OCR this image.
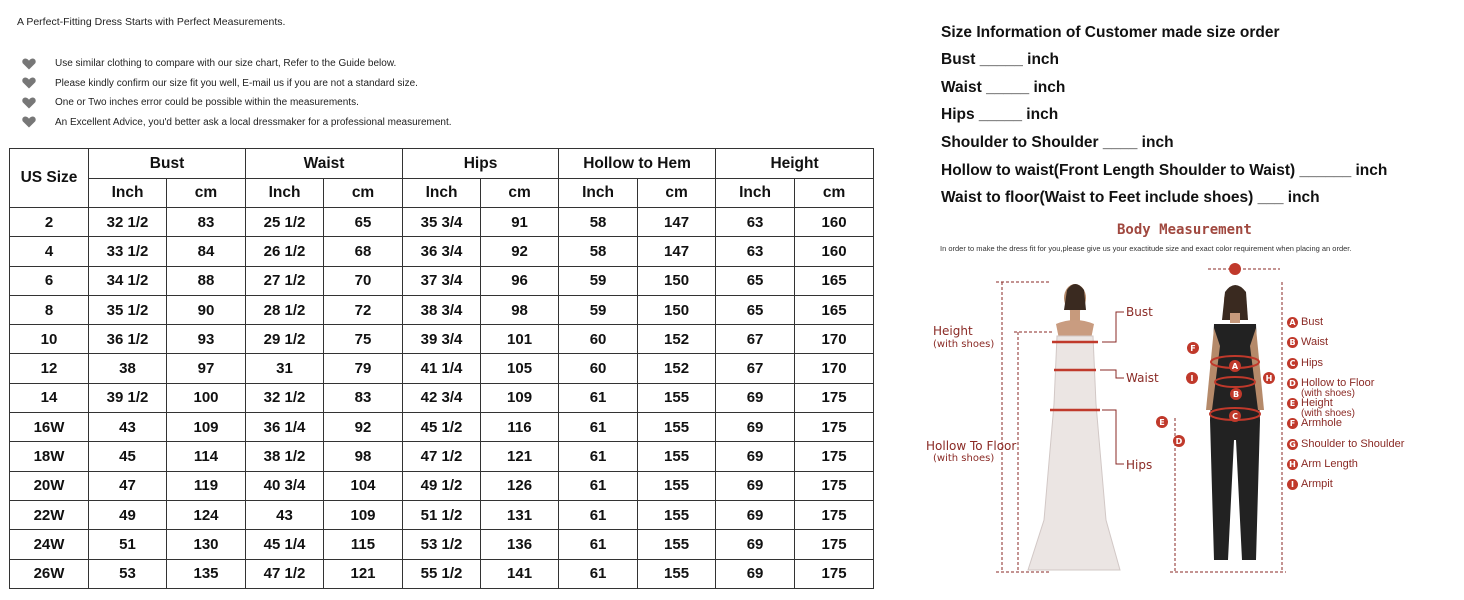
A Perfect-Fitting Dress Starts with Perfect Measurements.
Use similar clothing to compare with our size chart, Refer to the Guide below.
Please kindly confirm our size fit you well, E-mail us if you are not a standard size.
One or Two inches error could be possible within the measurements.
An Excellent Advice, you'd better ask a local dressmaker for a professional measurement.
US Size	Bust		Waist		Hips		Hollow to Hem		Height	
	Inch	cm	Inch	cm	Inch	cm	Inch	cm	Inch	cm
2	32 1/2	83	25 1/2	65	35 3/4	91	58	147	63	160
4	33 1/2	84	26 1/2	68	36 3/4	92	58	147	63	160
6	34 1/2	88	27 1/2	70	37 3/4	96	59	150	65	165
8	35 1/2	90	28 1/2	72	38 3/4	98	59	150	65	165
10	36 1/2	93	29 1/2	75	39 3/4	101	60	152	67	170
12	38	97	31	79	41 1/4	105	60	152	67	170
14	39 1/2	100	32 1/2	83	42 3/4	109	61	155	69	175
16W	43	109	36 1/4	92	45 1/2	116	61	155	69	175
18W	45	114	38 1/2	98	47 1/2	121	61	155	69	175
20W	47	119	40 3/4	104	49 1/2	126	61	155	69	175
22W	49	124	43	109	51 1/2	131	61	155	69	175
24W	51	130	45 1/4	115	53 1/2	136	61	155	69	175
26W	53	135	47 1/2	121	55 1/2	141	61	155	69	175
Size Information of Customer made size order
Bust _____ inch
Waist _____ inch
Hips _____ inch
Shoulder to Shoulder ____ inch
Hollow to waist(Front Length Shoulder to Waist) ______ inch
Waist to floor(Waist to Feet include shoes) ___ inch
Body Measurement
In order to make the dress fit for you,please give us your exactitude size and exact color requirement when placing an order.
F
I
A
B
C
H
E
D
Height
(with shoes)
Bust
Waist
Hips
Hollow To Floor
(with shoes)
A Bust
B Waist
C Hips
D Hollow to Floor
(with shoes)
E Height
(with shoes)
F Armhole
G Shoulder to Shoulder
H Arm Length
I Armpit
